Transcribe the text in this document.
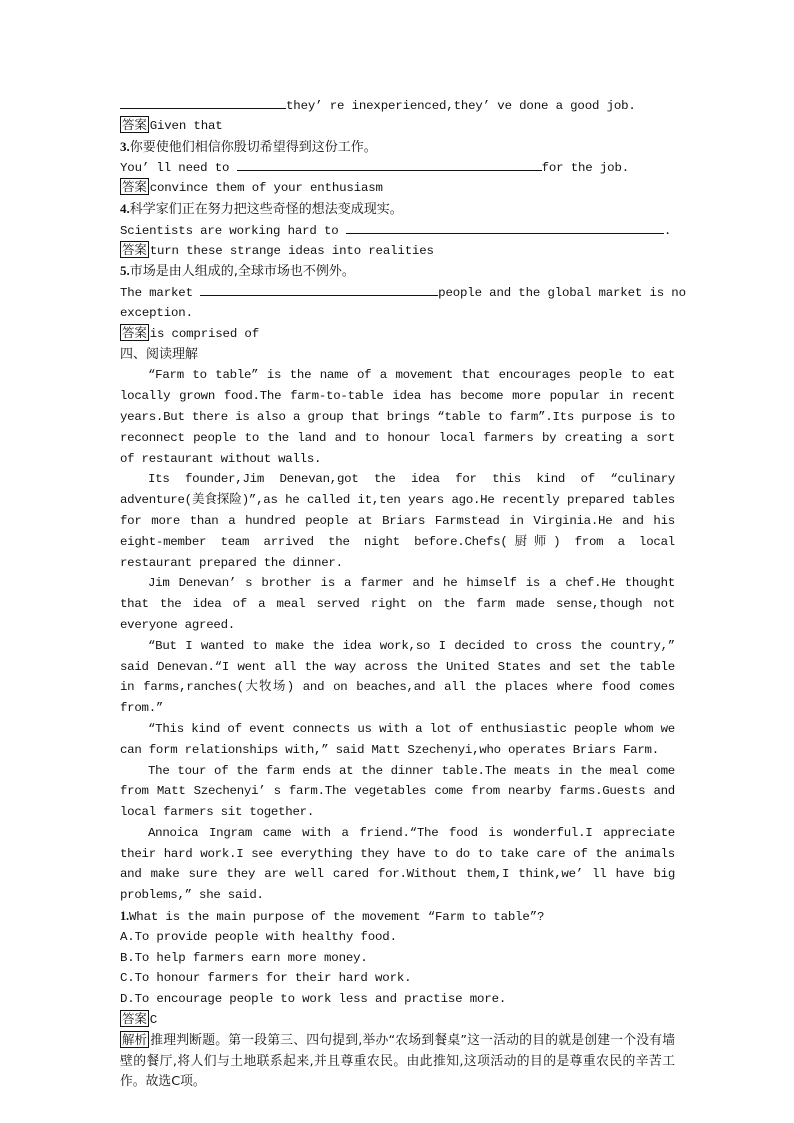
they’ re inexperienced,they’ ve done a good job.
答案 Given that
3.你要使他们相信你殷切希望得到这份工作。
You’ ll need to	for the job.
答案 convince them of your enthusiasm
4.科学家们正在努力把这些奇怪的想法变成现实。
Scientists are working hard to	.
答案 turn these strange ideas into realities
5.市场是由人组成的,全球市场也不例外。
The market	people and the global market is no
exception.
答案 is comprised of
四、阅读理解
“Farm to table” is the name of a movement that encourages people to eat locally grown food.The farm-to-table idea has become more popular in recent years.But there is also a group that brings “table to farm”.Its purpose is to reconnect people to the land and to honour local farmers by creating a sort of restaurant without walls.
Its founder,Jim Denevan,got the idea for this kind of “culinary adventure(美食探险)”,as he called it,ten years ago.He recently prepared tables for more than a hundred people at Briars Farmstead in Virginia.He and his eight-member team arrived the night before.Chefs(厨师) from a local restaurant prepared the dinner.
Jim Denevan’ s brother is a farmer and he himself is a chef.He thought that the idea of a meal served right on the farm made sense,though not everyone agreed.
“But I wanted to make the idea work,so I decided to cross the country,” said Denevan.“I went all the way across the United States and set the table in farms,ranches(大牧场) and on beaches,and all the places where food comes from.”
“This kind of event connects us with a lot of enthusiastic people whom we can form relationships with,” said Matt Szechenyi,who operates Briars Farm.
The tour of the farm ends at the dinner table.The meats in the meal come from Matt Szechenyi’ s farm.The vegetables come from nearby farms.Guests and local farmers sit together.
Annoica Ingram came with a friend.“The food is wonderful.I appreciate their hard work.I see everything they have to do to take care of the animals and make sure they are well cared for.Without them,I think,we’ ll have big problems,” she said.
1.What is the main purpose of the movement “Farm to table”?
A.To provide people with healthy food.
B.To help farmers earn more money.
C.To honour farmers for their hard work.
D.To encourage people to work less and practise more.
答案 C
解析 推理判断题。第一段第三、四句提到,举办“农场到餐桌”这一活动的目的就是创建一个没有墙壁的餐厅,将人们与土地联系起来,并且尊重农民。由此推知,这项活动的目的是尊重农民的辛苦工作。故选C项。
